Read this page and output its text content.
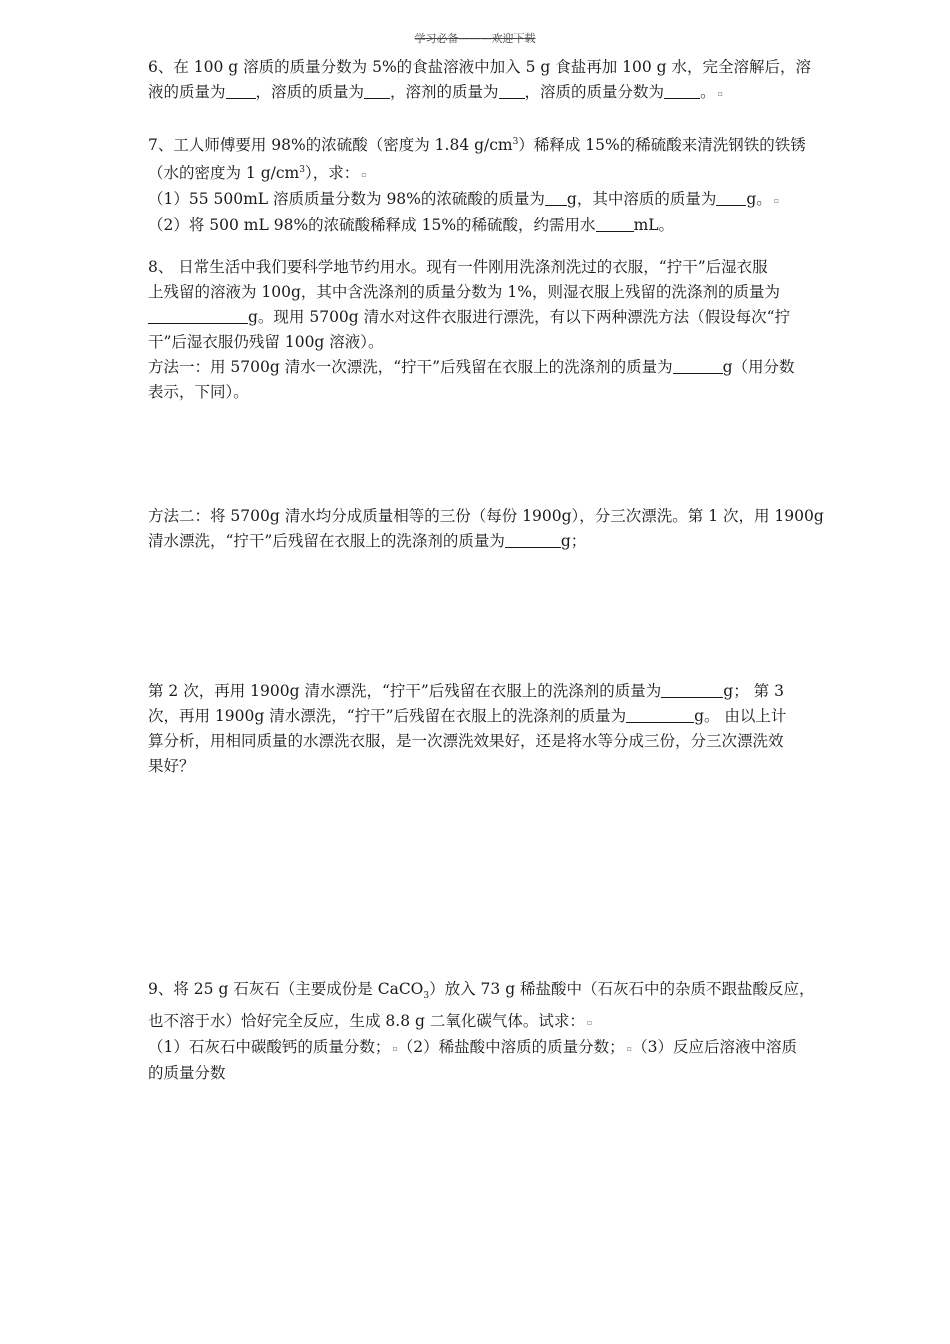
学习必备———欢迎下载

6、在 100 g 溶质的质量分数为 5%的食盐溶液中加入 5 g 食盐再加 100 g 水，完全溶解后，溶

液的质量为 ，溶质的质量为 ，溶剂的质量为 ，溶质的质量分数为 。 ▫

7、工人师傅要用 98%的浓硫酸（密度为 1.84 $g/cm^3$）稀释成 15%的稀硫酸来清洗钢铁的铁锈

（水的密度为 1 $g/cm^3$），求： ▫

（1）55 500mL 溶质质量分数为 98%的浓硫酸的质量为 g，其中溶质的质量为 g。 ▫

（2）将 500 mL 98%的浓硫酸稀释成 15%的稀硫酸，约需用水 mL。

8、 日常生活中我们要科学地节约用水。现有一件刚用洗涤剂洗过的衣服，“拧干”后湿衣服

上残留的溶液为 100g，其中含洗涤剂的质量分数为 1%，则湿衣服上残留的洗涤剂的质量为

g。现用 5700g 清水对这件衣服进行漂洗，有以下两种漂洗方法（假设每次“拧

干”后湿衣服仍残留 100g 溶液）。

方法一：用 5700g 清水一次漂洗，“拧干”后残留在衣服上的洗涤剂的质量为	g（用分数

表示，下同）。

方法二：将 5700g 清水均分成质量相等的三份（每份 1900g），分三次漂洗。第 1 次，用 1900g

清水漂洗，“拧干”后残留在衣服上的洗涤剂的质量为	g；

第 2 次，再用 1900g 清水漂洗，“拧干”后残留在衣服上的洗涤剂的质量为	g； 第 3

次，再用 1900g 清水漂洗，“拧干”后残留在衣服上的洗涤剂的质量为	g。 由以上计

算分析，用相同质量的水漂洗衣服，是一次漂洗效果好，还是将水等分成三份，分三次漂洗效

果好？

9、将 25 g 石灰石（主要成份是 CaCO$_3$）放入 73 g 稀盐酸中（石灰石中的杂质不跟盐酸反应，

也不溶于水）恰好完全反应，生成 8.8 g 二氧化碳气体。试求： ▫

（1）石灰石中碳酸钙的质量分数； ▫（2）稀盐酸中溶质的质量分数； ▫（3）反应后溶液中溶质

的质量分数
